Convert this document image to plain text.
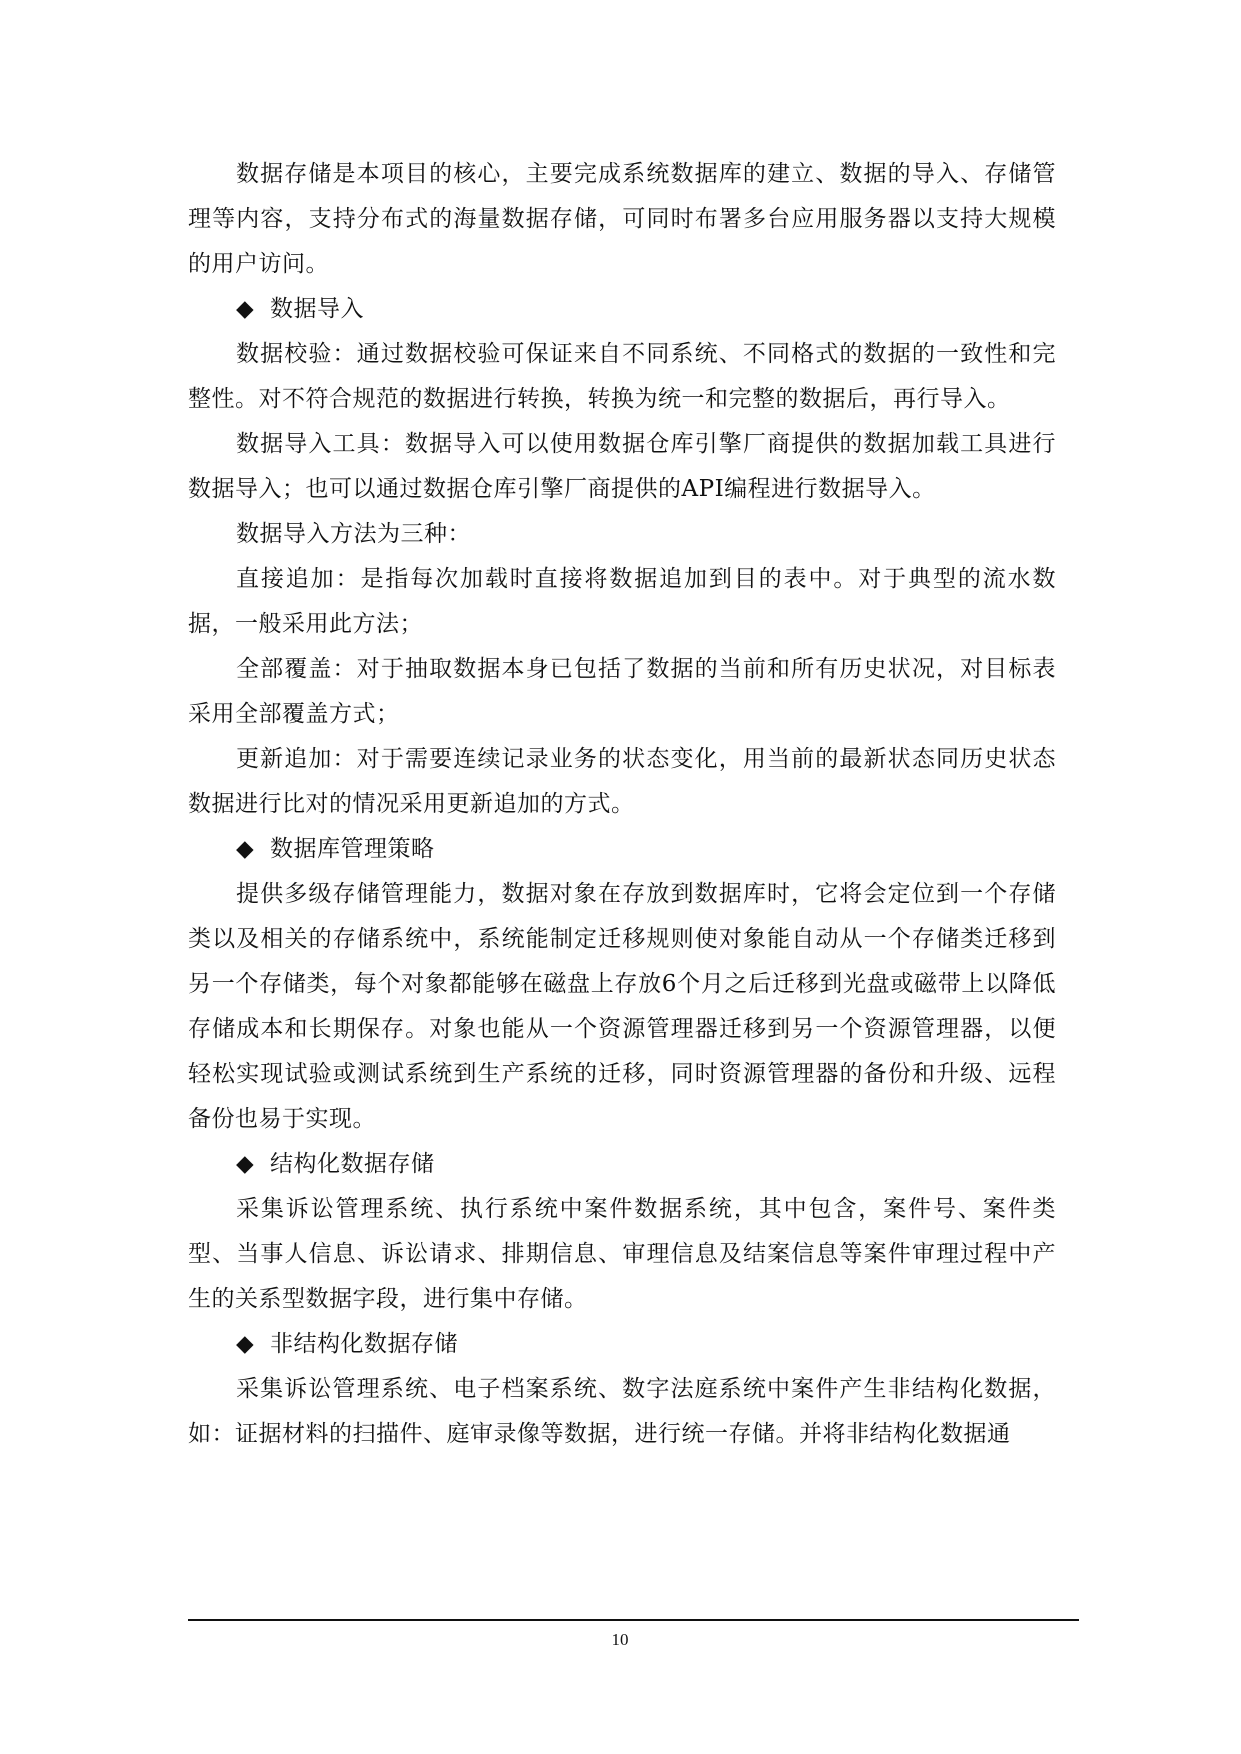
数据存储是本项目的核心，主要完成系统数据库的建立、数据的导入、存储管理等内容，支持分布式的海量数据存储，可同时布署多台应用服务器以支持大规模的用户访问。

◆ 数据导入

数据校验：通过数据校验可保证来自不同系统、不同格式的数据的一致性和完整性。对不符合规范的数据进行转换，转换为统一和完整的数据后，再行导入。

数据导入工具：数据导入可以使用数据仓库引擎厂商提供的数据加载工具进行数据导入；也可以通过数据仓库引擎厂商提供的API编程进行数据导入。

数据导入方法为三种：

直接追加：是指每次加载时直接将数据追加到目的表中。对于典型的流水数据，一般采用此方法；

全部覆盖：对于抽取数据本身已包括了数据的当前和所有历史状况，对目标表采用全部覆盖方式；

更新追加：对于需要连续记录业务的状态变化，用当前的最新状态同历史状态数据进行比对的情况采用更新追加的方式。

◆ 数据库管理策略

提供多级存储管理能力，数据对象在存放到数据库时，它将会定位到一个存储类以及相关的存储系统中，系统能制定迁移规则使对象能自动从一个存储类迁移到另一个存储类，每个对象都能够在磁盘上存放6个月之后迁移到光盘或磁带上以降低存储成本和长期保存。对象也能从一个资源管理器迁移到另一个资源管理器，以便轻松实现试验或测试系统到生产系统的迁移，同时资源管理器的备份和升级、远程备份也易于实现。

◆ 结构化数据存储

采集诉讼管理系统、执行系统中案件数据系统，其中包含，案件号、案件类型、当事人信息、诉讼请求、排期信息、审理信息及结案信息等案件审理过程中产生的关系型数据字段，进行集中存储。

◆ 非结构化数据存储

采集诉讼管理系统、电子档案系统、数字法庭系统中案件产生非结构化数据，如：证据材料的扫描件、庭审录像等数据，进行统一存储。并将非结构化数据通

10
